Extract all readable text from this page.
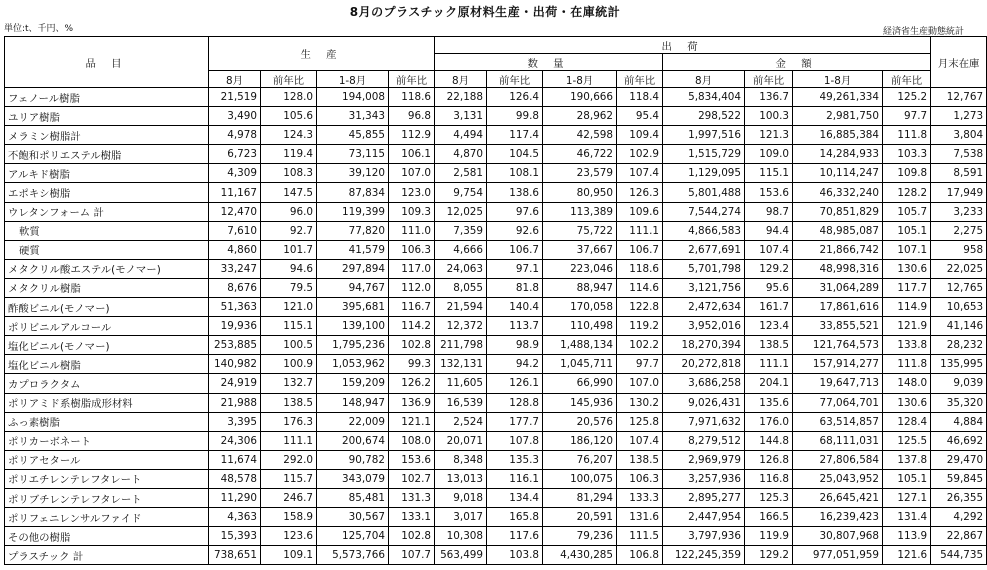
8月のプラスチック原材料生産・出荷・在庫統計
単位:t、千円、%	経済省生産動態統計
品 目	生 産				出 荷								月末在庫
					数 量				金 額				
	8月	前年比	1-8月	前年比	8月	前年比	1-8月	前年比	8月	前年比	1-8月	前年比	
フェノール樹脂	21,519	128.0	194,008	118.6	22,188	126.4	190,666	118.4	5,834,404	136.7	49,261,334	125.2	12,767
ユリア樹脂	3,490	105.6	31,343	96.8	3,131	99.8	28,962	95.4	298,522	100.3	2,981,750	97.7	1,273
メラミン樹脂計	4,978	124.3	45,855	112.9	4,494	117.4	42,598	109.4	1,997,516	121.3	16,885,384	111.8	3,804
不飽和ポリエステル樹脂	6,723	119.4	73,115	106.1	4,870	104.5	46,722	102.9	1,515,729	109.0	14,284,933	103.3	7,538
アルキド樹脂	4,309	108.3	39,120	107.0	2,581	108.1	23,579	107.4	1,129,095	115.1	10,114,247	109.8	8,591
エポキシ樹脂	11,167	147.5	87,834	123.0	9,754	138.6	80,950	126.3	5,801,488	153.6	46,332,240	128.2	17,949
ウレタンフォーム 計	12,470	96.0	119,399	109.3	12,025	97.6	113,389	109.6	7,544,274	98.7	70,851,829	105.7	3,233
軟質	7,610	92.7	77,820	111.0	7,359	92.6	75,722	111.1	4,866,583	94.4	48,985,087	105.1	2,275
硬質	4,860	101.7	41,579	106.3	4,666	106.7	37,667	106.7	2,677,691	107.4	21,866,742	107.1	958
メタクリル酸エステル(モノマー)	33,247	94.6	297,894	117.0	24,063	97.1	223,046	118.6	5,701,798	129.2	48,998,316	130.6	22,025
メタクリル樹脂	8,676	79.5	94,767	112.0	8,055	81.8	88,947	114.6	3,121,756	95.6	31,064,289	117.7	12,765
酢酸ビニル(モノマー)	51,363	121.0	395,681	116.7	21,594	140.4	170,058	122.8	2,472,634	161.7	17,861,616	114.9	10,653
ポリビニルアルコール	19,936	115.1	139,100	114.2	12,372	113.7	110,498	119.2	3,952,016	123.4	33,855,521	121.9	41,146
塩化ビニル(モノマー)	253,885	100.5	1,795,236	102.8	211,798	98.9	1,488,134	102.2	18,270,394	138.5	121,764,573	133.8	28,232
塩化ビニル樹脂	140,982	100.9	1,053,962	99.3	132,131	94.2	1,045,711	97.7	20,272,818	111.1	157,914,277	111.8	135,995
カプロラクタム	24,919	132.7	159,209	126.2	11,605	126.1	66,990	107.0	3,686,258	204.1	19,647,713	148.0	9,039
ポリアミド系樹脂成形材料	21,988	138.5	148,947	136.9	16,539	128.8	145,936	130.2	9,026,431	135.6	77,064,701	130.6	35,320
ふっ素樹脂	3,395	176.3	22,009	121.1	2,524	177.7	20,576	125.8	7,971,632	176.0	63,514,857	128.4	4,884
ポリカーボネート	24,306	111.1	200,674	108.0	20,071	107.8	186,120	107.4	8,279,512	144.8	68,111,031	125.5	46,692
ポリアセタール	11,674	292.0	90,782	153.6	8,348	135.3	76,207	138.5	2,969,979	126.8	27,806,584	137.8	29,470
ポリエチレンテレフタレート	48,578	115.7	343,079	102.7	13,013	116.1	100,075	106.3	3,257,936	116.8	25,043,952	105.1	59,845
ポリブチレンテレフタレート	11,290	246.7	85,481	131.3	9,018	134.4	81,294	133.3	2,895,277	125.3	26,645,421	127.1	26,355
ポリフェニレンサルファイド	4,363	158.9	30,567	133.1	3,017	165.8	20,591	131.6	2,447,954	166.5	16,239,423	131.4	4,292
その他の樹脂	15,393	123.6	125,704	102.8	10,308	117.6	79,236	111.5	3,797,936	119.9	30,807,968	113.9	22,867
プラスチック 計	738,651	109.1	5,573,766	107.7	563,499	103.8	4,430,285	106.8	122,245,359	129.2	977,051,959	121.6	544,735
